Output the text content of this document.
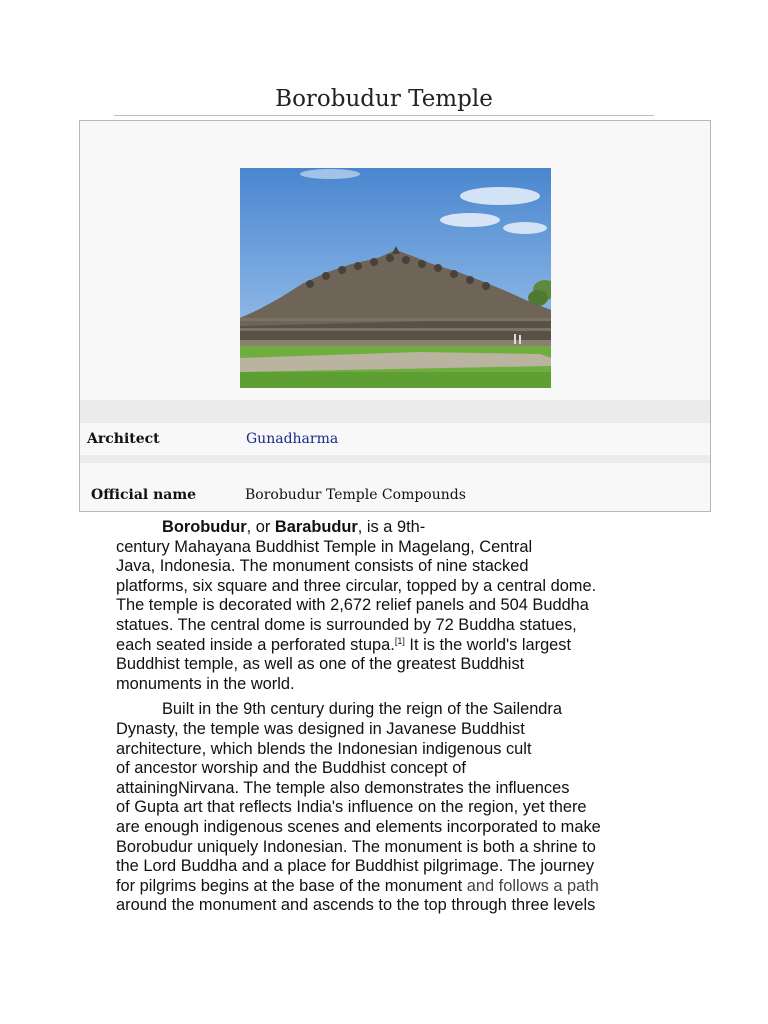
Borobudur Temple
Architect	Gunadharma
Official name	Borobudur Temple Compounds

Borobudur, or Barabudur, is a 9th-
century Mahayana Buddhist Temple in Magelang, Central
Java, Indonesia. The monument consists of nine stacked
platforms, six square and three circular, topped by a central dome.
The temple is decorated with 2,672 relief panels and 504 Buddha
statues. The central dome is surrounded by 72 Buddha statues,
each seated inside a perforated stupa.[1] It is the world's largest
Buddhist temple, as well as one of the greatest Buddhist
monuments in the world.

Built in the 9th century during the reign of the Sailendra
Dynasty, the temple was designed in Javanese Buddhist
architecture, which blends the Indonesian indigenous cult
of ancestor worship and the Buddhist concept of
attainingNirvana. The temple also demonstrates the influences
of Gupta art that reflects India's influence on the region, yet there
are enough indigenous scenes and elements incorporated to make
Borobudur uniquely Indonesian. The monument is both a shrine to
the Lord Buddha and a place for Buddhist pilgrimage. The journey
for pilgrims begins at the base of the monument and follows a path
around the monument and ascends to the top through three levels
